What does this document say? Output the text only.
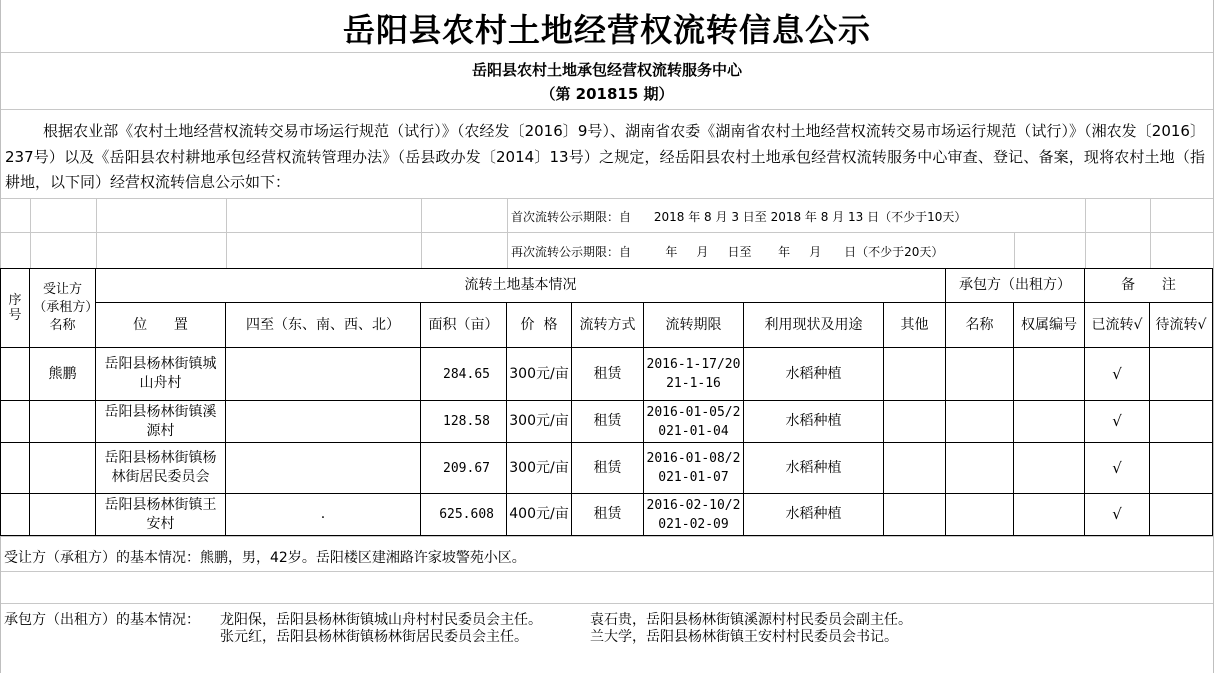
岳阳县农村土地经营权流转信息公示
岳阳县农村土地承包经营权流转服务中心
（第 201815 期）
根据农业部《农村土地经营权流转交易市场运行规范（试行）》（农经发〔2016〕9号）、湖南省农委《湖南省农村土地经营权流转交易市场运行规范（试行）》（湘农发〔2016〕237号）以及《岳阳县农村耕地承包经营权流转管理办法》（岳县政办发〔2014〕13号）之规定，经岳阳县农村土地承包经营权流转服务中心审查、登记、备案，现将农村土地（指耕地，以下同）经营权流转信息公示如下：
首次流转公示期限：自      2018 年 8 月 3 日至 2018 年 8 月 13 日（不少于10天）
再次流转公示期限：自         年     月     日至       年     月      日（不少于20天）
序号	受让方（承租方）名称	流转土地基本情况								承包方（出租方）		备      注	
		位      置	四至（东、南、西、北）	面积（亩）	价  格	流转方式	流转期限	利用现状及用途	其他	名称	权属编号	已流转√	待流转√
	熊鹏	岳阳县杨林街镇城山舟村		284.65	300元/亩	租赁	2016-1-17/2021-1-16	水稻种植				√	
		岳阳县杨林街镇溪源村		128.58	300元/亩	租赁	2016-01-05/2021-01-04	水稻种植				√	
		岳阳县杨林街镇杨林街居民委员会		209.67	300元/亩	租赁	2016-01-08/2021-01-07	水稻种植				√	
		岳阳县杨林街镇王安村	.	625.608	400元/亩	租赁	2016-02-10/2021-02-09	水稻种植				√	
受让方（承租方）的基本情况：熊鹏，男，42岁。岳阳楼区建湘路许家坡警苑小区。
承包方（出租方）的基本情况： 龙阳保，岳阳县杨林街镇城山舟村村民委员会主任。	袁石贵，岳阳县杨林街镇溪源村村民委员会副主任。
张元红，岳阳县杨林街镇杨林街居民委员会主任。	兰大学，岳阳县杨林街镇王安村村民委员会书记。
